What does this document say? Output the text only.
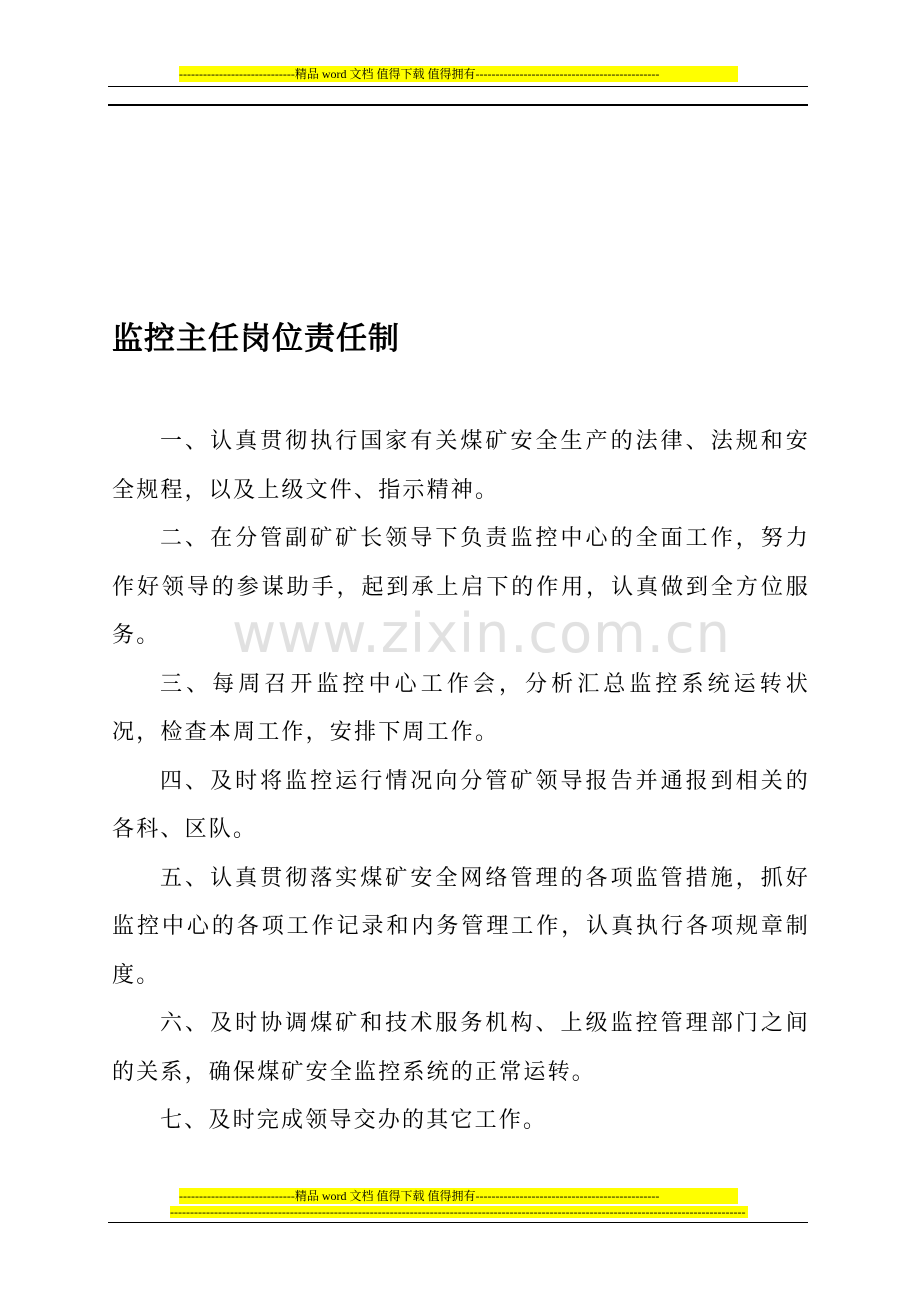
-----------------------------精品 word 文档 值得下载 值得拥有----------------------------------------------
监控主任岗位责任制

一、认真贯彻执行国家有关煤矿安全生产的法律、法规和安全规程，以及上级文件、指示精神。

二、在分管副矿矿长领导下负责监控中心的全面工作，努力作好领导的参谋助手，起到承上启下的作用，认真做到全方位服务。

三、每周召开监控中心工作会，分析汇总监控系统运转状况，检查本周工作，安排下周工作。

四、及时将监控运行情况向分管矿领导报告并通报到相关的各科、区队。

五、认真贯彻落实煤矿安全网络管理的各项监管措施，抓好监控中心的各项工作记录和内务管理工作，认真执行各项规章制度。

六、及时协调煤矿和技术服务机构、上级监控管理部门之间的关系，确保煤矿安全监控系统的正常运转。

七、及时完成领导交办的其它工作。

www.zixin.com.cn
-----------------------------精品 word 文档 值得下载 值得拥有----------------------------------------------
------------------------------------------------------------------------------------------------------------------------------------------------
